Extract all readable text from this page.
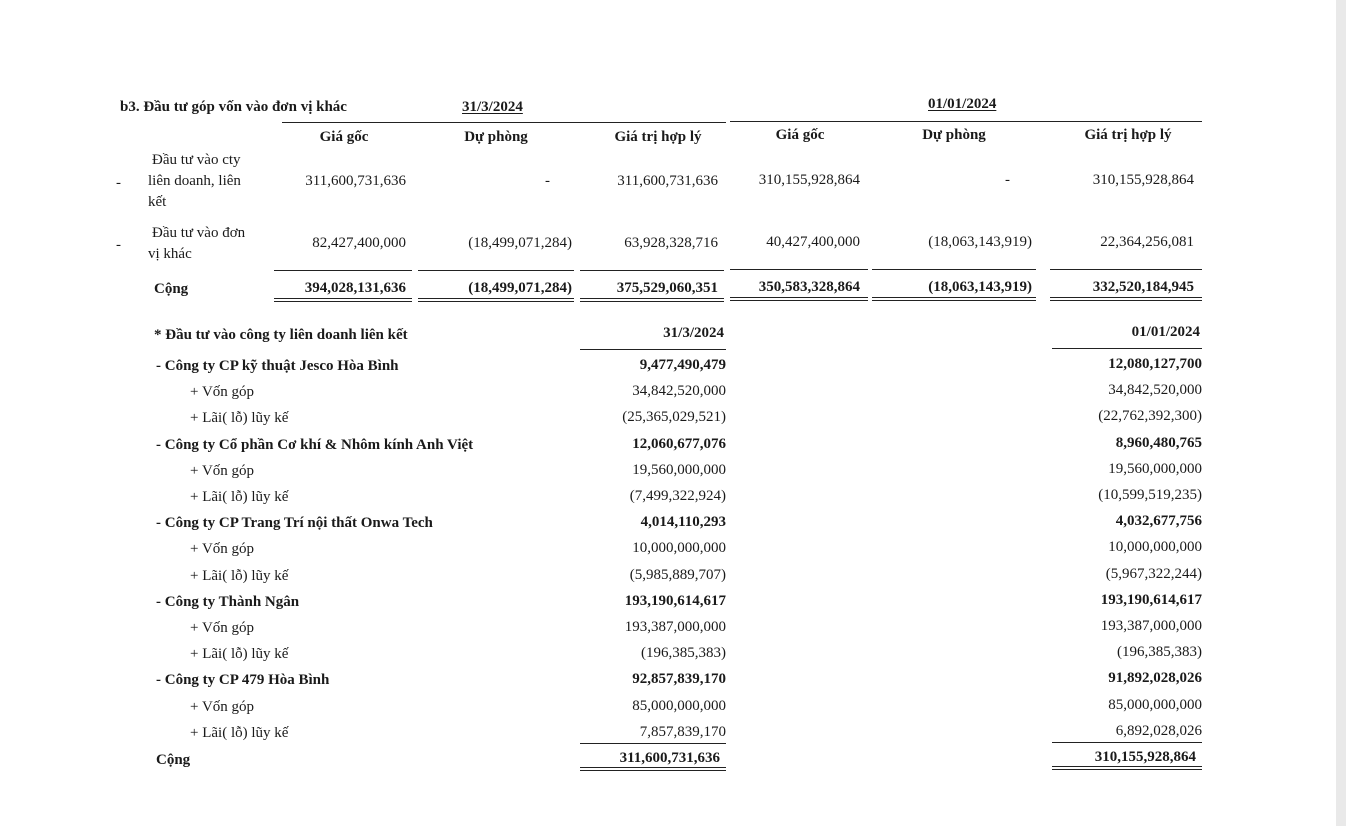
b3. Đầu tư góp vốn vào đơn vị khác	31/3/2024	01/01/2024
Giá gốc	Dự phòng	Giá trị hợp lý	Giá gốc	Dự phòng	Giá trị hợp lý
-
Đầu tư vào cty
liên doanh, liên
kết
311,600,731,636	-	311,600,731,636	310,155,928,864	-	310,155,928,864
-
Đầu tư vào đơn
vị khác
82,427,400,000	(18,499,071,284)	63,928,328,716	40,427,400,000	(18,063,143,919)	22,364,256,081
Cộng	394,028,131,636	(18,499,071,284)	375,529,060,351	350,583,328,864	(18,063,143,919)	332,520,184,945
* Đầu tư vào công ty liên doanh liên kết	31/3/2024	01/01/2024
- Công ty CP kỹ thuật Jesco Hòa Bình	9,477,490,479	12,080,127,700
+ Vốn góp	34,842,520,000	34,842,520,000
+ Lãi( lỗ) lũy kế	(25,365,029,521)	(22,762,392,300)
- Công ty Cổ phần Cơ khí & Nhôm kính Anh Việt	12,060,677,076	8,960,480,765
+ Vốn góp	19,560,000,000	19,560,000,000
+ Lãi( lỗ) lũy kế	(7,499,322,924)	(10,599,519,235)
- Công ty CP Trang Trí nội thất Onwa Tech	4,014,110,293	4,032,677,756
+ Vốn góp	10,000,000,000	10,000,000,000
+ Lãi( lỗ) lũy kế	(5,985,889,707)	(5,967,322,244)
- Công ty Thành Ngân	193,190,614,617	193,190,614,617
+ Vốn góp	193,387,000,000	193,387,000,000
+ Lãi( lỗ) lũy kế	(196,385,383)	(196,385,383)
- Công ty CP 479 Hòa Bình	92,857,839,170	91,892,028,026
+ Vốn góp	85,000,000,000	85,000,000,000
+ Lãi( lỗ) lũy kế	7,857,839,170	6,892,028,026
Cộng	311,600,731,636	310,155,928,864
